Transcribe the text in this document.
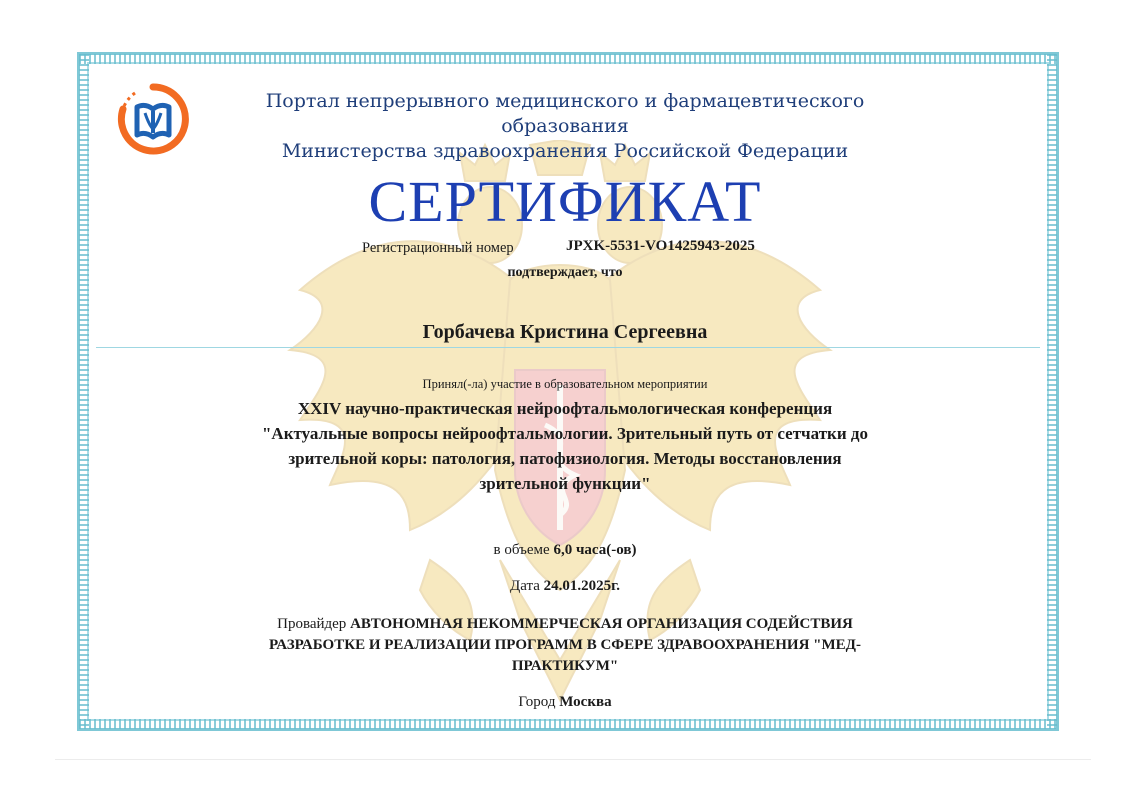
Портал непрерывного медицинского и фармацевтического образования
Министерства здравоохранения Российской Федерации
СЕРТИФИКАТ
Регистрационный номер	JPXK-5531-VO1425943-2025
подтверждает, что
Горбачева Кристина Сергеевна
Принял(-ла) участие в образовательном мероприятии
XXIV научно-практическая нейроофтальмологическая конференция
"Актуальные вопросы нейроофтальмологии. Зрительный путь от сетчатки до
зрительной коры: патология, патофизиология. Методы восстановления
зрительной функции"
в объеме 6,0 часа(-ов)
Дата 24.01.2025г.
Провайдер АВТОНОМНАЯ НЕКОММЕРЧЕСКАЯ ОРГАНИЗАЦИЯ СОДЕЙСТВИЯ
РАЗРАБОТКЕ И РЕАЛИЗАЦИИ ПРОГРАММ В СФЕРЕ ЗДРАВООХРАНЕНИЯ "МЕД-
ПРАКТИКУМ"
Город Москва
